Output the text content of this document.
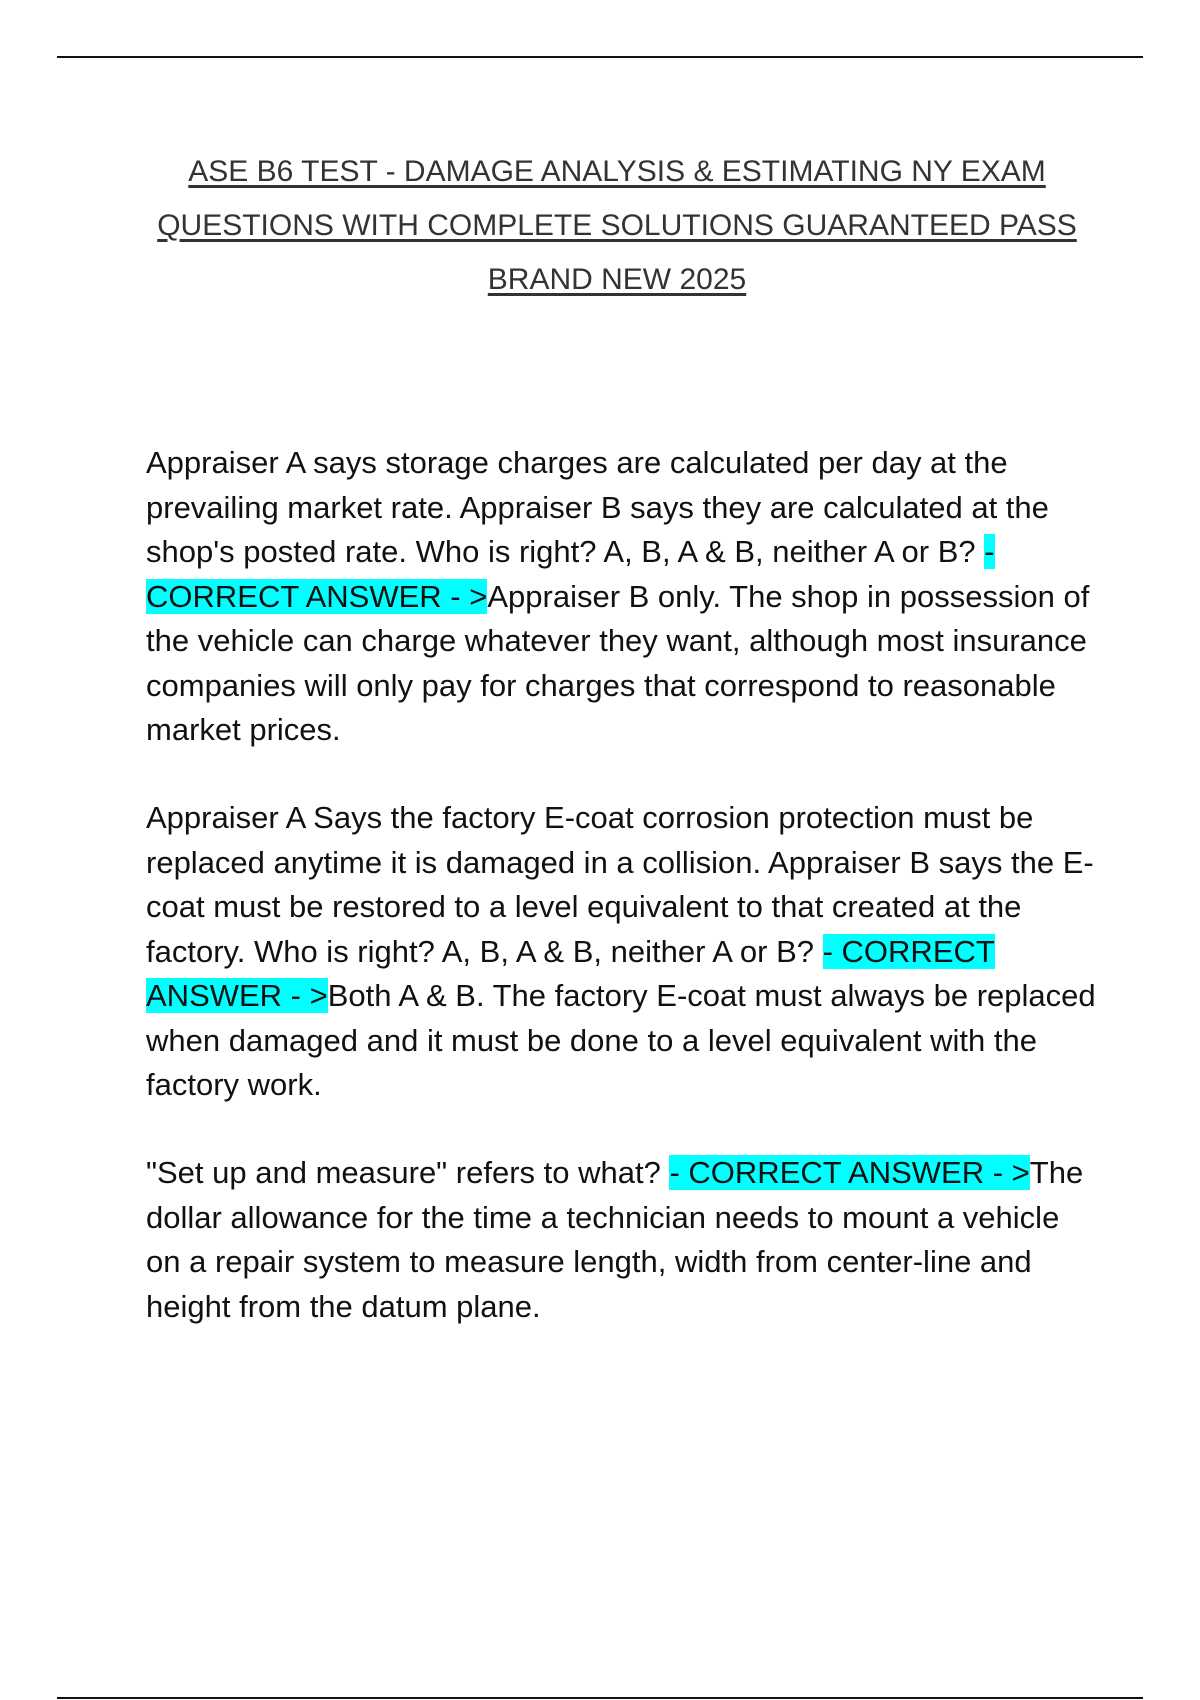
ASE B6 TEST - DAMAGE ANALYSIS & ESTIMATING NY EXAM QUESTIONS WITH COMPLETE SOLUTIONS GUARANTEED PASS BRAND NEW 2025

Appraiser A says storage charges are calculated per day at the prevailing market rate. Appraiser B says they are calculated at the shop's posted rate. Who is right? A, B, A & B, neither A or B? - CORRECT ANSWER - >Appraiser B only. The shop in possession of the vehicle can charge whatever they want, although most insurance companies will only pay for charges that correspond to reasonable market prices.

Appraiser A Says the factory E-coat corrosion protection must be replaced anytime it is damaged in a collision. Appraiser B says the E-coat must be restored to a level equivalent to that created at the factory. Who is right? A, B, A & B, neither A or B? - CORRECT ANSWER - >Both A & B. The factory E-coat must always be replaced when damaged and it must be done to a level equivalent with the factory work.

"Set up and measure" refers to what? - CORRECT ANSWER - >The dollar allowance for the time a technician needs to mount a vehicle on a repair system to measure length, width from center-line and height from the datum plane.
